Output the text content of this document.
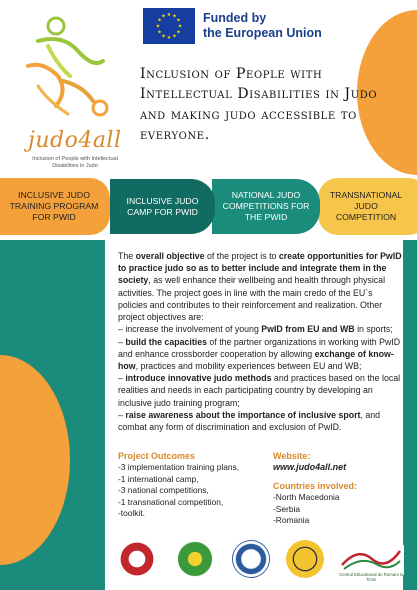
judo4all
Inclusion of People with Intellectual Disabilities in Judo
★ ★
★
★
★
★
★
★
★
★
★
★	Funded by
the European Union
Inclusion of People with Intellectual Disabilities in Judo and making judo accessible to everyone.
INCLUSIVE JUDO TRAINING PROGRAM FOR PWID
TRANSNATIONAL JUDO COMPETITION
NATIONAL JUDO COMPETITIONS FOR THE PWID
INCLUSIVE JUDO CAMP FOR PWID

The overall objective of the project is to create opportunities for PwID to practice judo so as to better include and integrate them in the society, as well enhance their wellbeing and health through physical activities. The project goes in line with the main credo of the EU`s policies and contributes to their reinforcement and realization. Other project objectives are:

– increase the involvement of young PwID from EU and WB in sports;

– build the capacities of the partner organizations in working with PwID and enhance crossborder cooperation by allowing exchange of know-how, practices and mobility experiences between EU and WB;

– introduce innovative judo methods and practices based on the local realities and needs in each participating country by developing an inclusive judo training program;

– raise awareness about the importance of inclusive sport, and combat any form of discrimination and exclusion of PwID.

Project Outcomes
-3 implementation training plans,
-1 international camp,
-3 national competitions,
-1 transnational competition,
-toolkit.
Website:
www.judo4all.net
Countries involved:
-North Macedonia
-Serbia
-Romania
Centrul Educational de Romani si Timis
